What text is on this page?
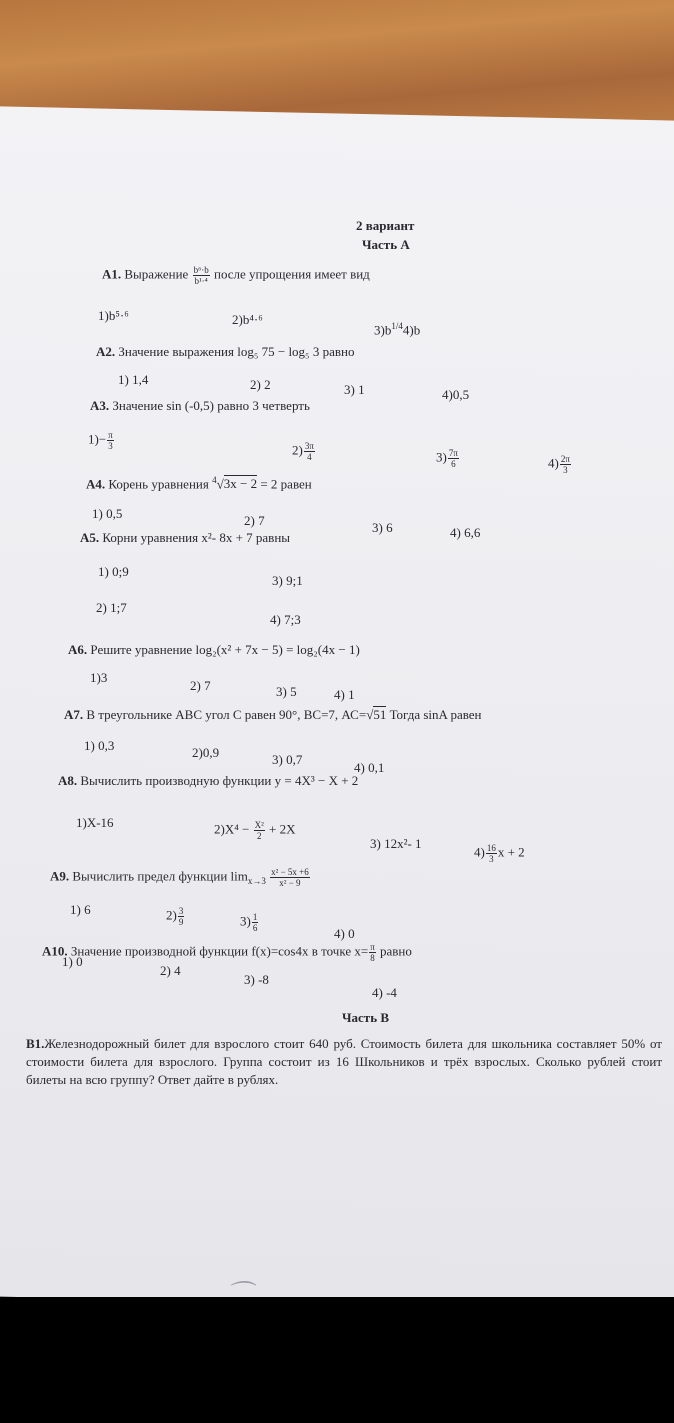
2 вариант
Часть А
А1. Выражение $\frac{\text{b⁶·b}}{\text{b¹·⁴}}$ после упрощения имеет вид
1)b⁵·⁶	2)b⁴·⁶
$3)b^{1/4}4)b$
А2. Значение выражения log₅ 75 − log₅ 3 равно
1) 1,4	2) 2	3) 1	4)0,5
А3. Значение sin (-0,5) равно 3 четверть
$1)- \frac{\pi}{3}$	$2) \frac{3\pi}{4}$	$3) \frac{7\pi}{6}$	$4) \frac{2\pi}{3}$
А4. Корень уравнения $^4$√3x − 2 = 2 равен
1) 0,5	2) 7	3) 6	4) 6,6
А5. Корни уравнения x²- 8x + 7 равны
1) 0;9
3) 9;1
2) 1;7
4) 7;3
А6. Решите уравнение log₂(x² + 7x − 5) = log₂(4x − 1)
1)3
2) 7	3) 5	4) 1
А7. В треугольнике АВС угол С равен 90°, ВС=7, АС=√51 Тогда sinA равен
1) 0,3	2)0,9	3) 0,7
4) 0,1
А8. Вычислить производную функции y = 4X³ − X + 2
1)X-16	$2)X^4 - \frac{\text{X²}}{2} + 2X$
3) 12x²- 1
$4) \frac{16}{3}$ x + 2
А9. Вычислить предел функции $\lim_{x\to 3} \frac{\text{x² − 5x +6}}{\text{x² − 9}}$
1) 6	$2) \frac{3}{9}$	$3) \frac{1}{6}$
4) 0
А10. Значение производной функции f(x)=cos4x в точке $x= \frac{\pi}{8}$ равно
1) 0
2) 4
3) -8
4) -4
Часть В
В1.Железнодорожный билет для взрослого стоит 640 руб. Стоимость билета для школьника составляет 50% от стоимости билета для взрослого. Группа состоит из 16 Школьников и трёх взрослых. Сколько рублей стоит билеты на всю группу? Ответ дайте в рублях.
⌒
